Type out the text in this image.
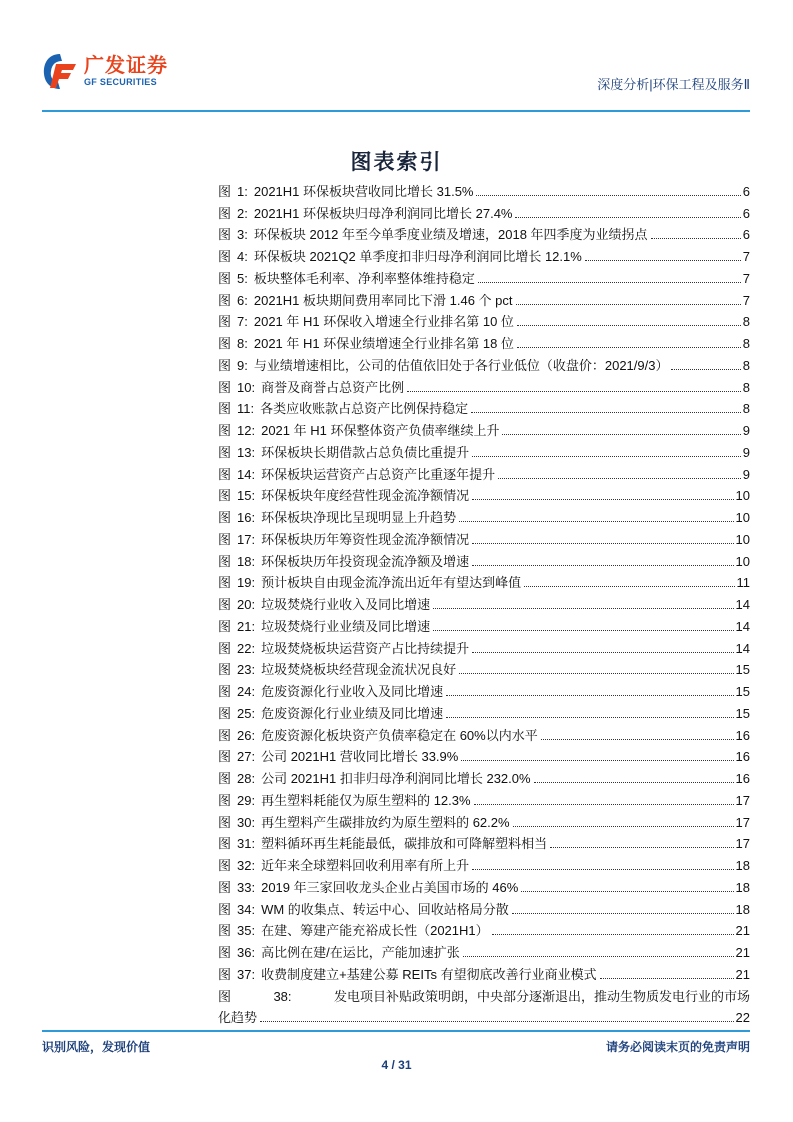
广发证券
GF SECURITIES	深度分析|环保工程及服务Ⅱ
图表索引
图 1: 2021H1 环保板块营收同比增长 31.5%	6
图 2: 2021H1 环保板块归母净利润同比增长 27.4%	6
图 3: 环保板块 2012 年至今单季度业绩及增速，2018 年四季度为业绩拐点	6
图 4: 环保板块 2021Q2 单季度扣非归母净利润同比增长 12.1%	7
图 5: 板块整体毛利率、净利率整体维持稳定	7
图 6: 2021H1 板块期间费用率同比下滑 1.46 个 pct	7
图 7: 2021 年 H1 环保收入增速全行业排名第 10 位	8
图 8: 2021 年 H1 环保业绩增速全行业排名第 18 位	8
图 9: 与业绩增速相比，公司的估值依旧处于各行业低位（收盘价：2021/9/3）	8
图 10: 商誉及商誉占总资产比例	8
图 11: 各类应收账款占总资产比例保持稳定	8
图 12: 2021 年 H1 环保整体资产负债率继续上升	9
图 13: 环保板块长期借款占总负债比重提升	9
图 14: 环保板块运营资产占总资产比重逐年提升	9
图 15: 环保板块年度经营性现金流净额情况	10
图 16: 环保板块净现比呈现明显上升趋势	10
图 17: 环保板块历年筹资性现金流净额情况	10
图 18: 环保板块历年投资现金流净额及增速	10
图 19: 预计板块自由现金流净流出近年有望达到峰值	11
图 20: 垃圾焚烧行业收入及同比增速	14
图 21: 垃圾焚烧行业业绩及同比增速	14
图 22: 垃圾焚烧板块运营资产占比持续提升	14
图 23: 垃圾焚烧板块经营现金流状况良好	15
图 24: 危废资源化行业收入及同比增速	15
图 25: 危废资源化行业业绩及同比增速	15
图 26: 危废资源化板块资产负债率稳定在 60%以内水平	16
图 27: 公司 2021H1 营收同比增长 33.9%	16
图 28: 公司 2021H1 扣非归母净利润同比增长 232.0%	16
图 29: 再生塑料耗能仅为原生塑料的 12.3%	17
图 30: 再生塑料产生碳排放约为原生塑料的 62.2%	17
图 31: 塑料循环再生耗能最低，碳排放和可降解塑料相当	17
图 32: 近年来全球塑料回收利用率有所上升	18
图 33: 2019 年三家回收龙头企业占美国市场的 46%	18
图 34: WM 的收集点、转运中心、回收站格局分散	18
图 35: 在建、筹建产能充裕成长性（2021H1）	21
图 36: 高比例在建/在运比，产能加速扩张	21
图 37: 收费制度建立+基建公募 REITs 有望彻底改善行业商业模式	21
图	38:	发电项目补贴政策明朗，中央部分逐渐退出，推动生物质发电行业的市场
化趋势	22
识别风险，发现价值	请务必阅读末页的免责声明
4 / 31
